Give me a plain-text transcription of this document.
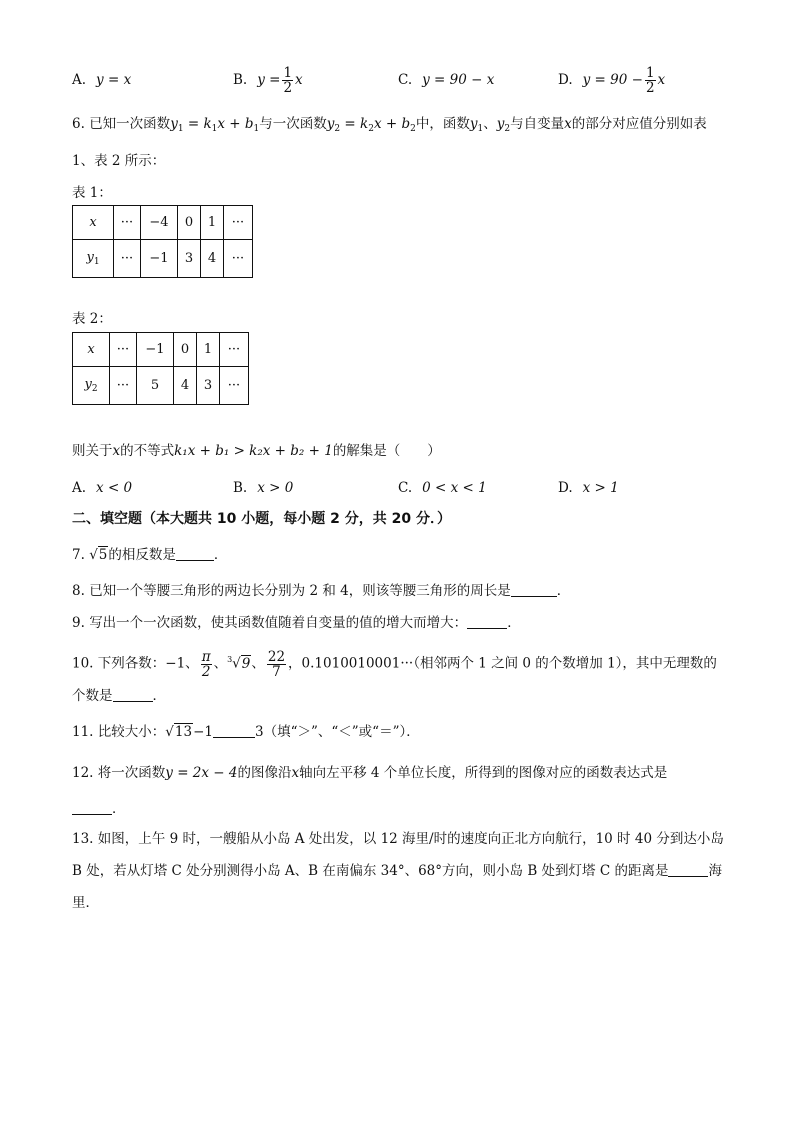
A. y = x	B. $y = \frac{1}{2}$ x	C. y = 90 − x	D. $y = 90 - \frac{1}{2}$ x
6. 已知一次函数$y_1 = k_1x + b_1$与一次函数$y_2 = k_2x + b_2$中，函数$y_1$、$y_2$与自变量x的部分对应值分别如表
1、表 2 所示：
表 1：
x	···	−4	0	1	···
$y_1$	···	−1	3	4	···
表 2：
x	···	−1	0	1	···
$y_2$	···	5	4	3	···
则关于x的不等式k₁x + b₁ > k₂x + b₂ + 1的解集是（　　）
A. x < 0	B. x > 0	C. 0 < x < 1	D. x > 1
二、填空题（本大题共 10 小题，每小题 2 分，共 20 分．）
7. √5的相反数是	．
8. 已知一个等腰三角形的两边长分别为 2 和 4，则该等腰三角形的周长是	．
9. 写出一个一次函数，使其函数值随着自变量的值的增大而增大：	．
10. 下列各数：−1、 $\frac{\pi}{2}$ 、$^3$√9、 $\frac{22}{7}$ ，0.1010010001···（相邻两个 1 之间 0 的个数增加 1），其中无理数的
个数是	．
11. 比较大小：√13−1	3（填“＞”、“＜”或“＝”）．
12. 将一次函数y = 2x − 4的图像沿x轴向左平移 4 个单位长度，所得到的图像对应的函数表达式是
．
13. 如图，上午 9 时，一艘船从小岛 A 处出发，以 12 海里/时的速度向正北方向航行，10 时 40 分到达小岛
B 处，若从灯塔 C 处分别测得小岛 A、B 在南偏东 34°、68°方向，则小岛 B 处到灯塔 C 的距离是	海
里．
